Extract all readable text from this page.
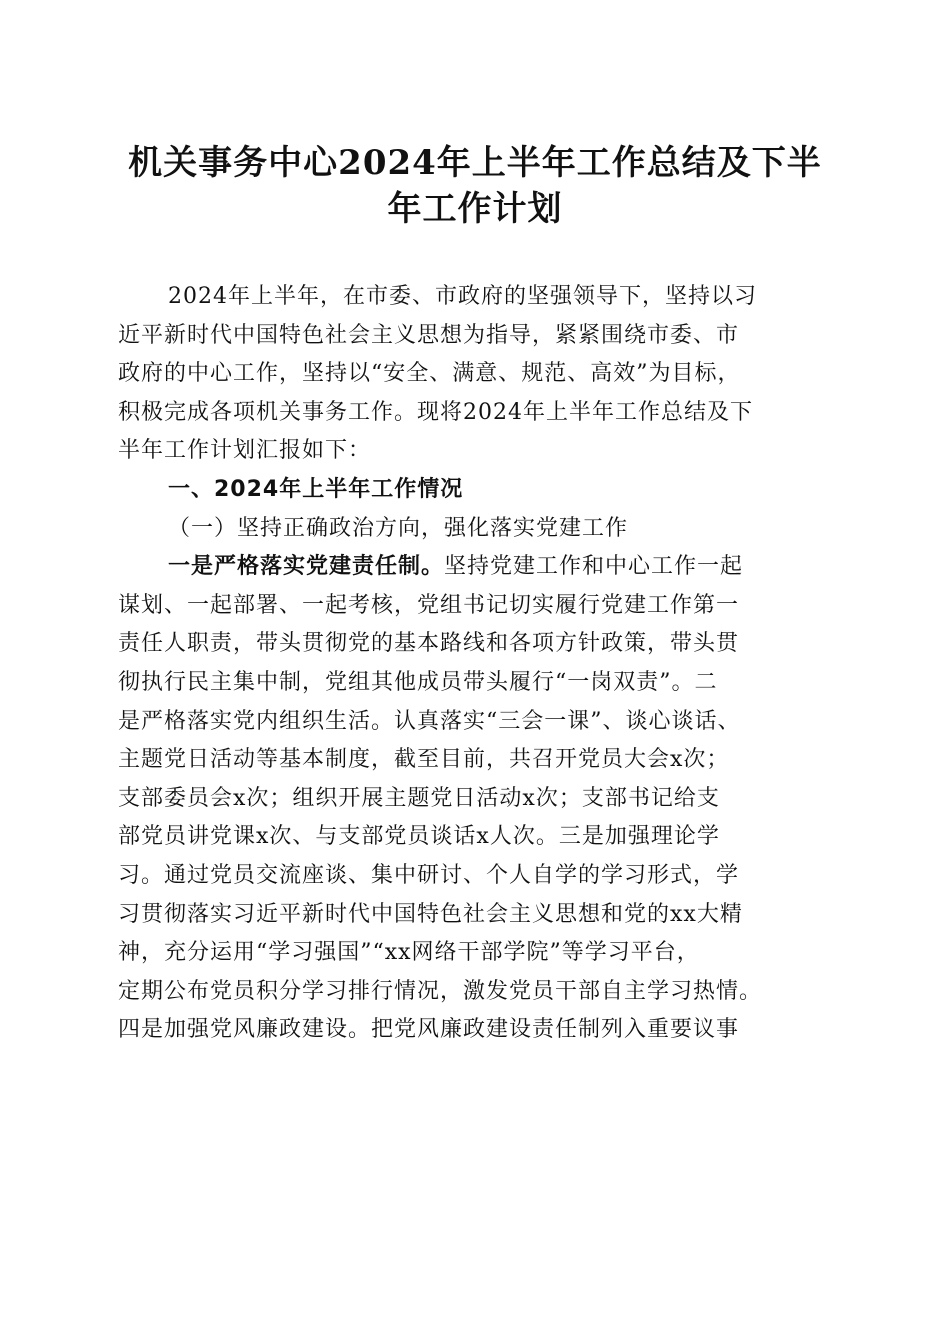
机关事务中心2024年上半年工作总结及下半
年工作计划
2024年上半年，在市委、市政府的坚强领导下，坚持以习
近平新时代中国特色社会主义思想为指导，紧紧围绕市委、市
政府的中心工作，坚持以“安全、满意、规范、高效”为目标，
积极完成各项机关事务工作。现将2024年上半年工作总结及下
半年工作计划汇报如下：
一、2024年上半年工作情况
（一）坚持正确政治方向，强化落实党建工作
一是严格落实党建责任制。坚持党建工作和中心工作一起
谋划、一起部署、一起考核，党组书记切实履行党建工作第一
责任人职责，带头贯彻党的基本路线和各项方针政策，带头贯
彻执行民主集中制，党组其他成员带头履行“一岗双责”。二
是严格落实党内组织生活。认真落实“三会一课”、谈心谈话、
主题党日活动等基本制度，截至目前，共召开党员大会x次；
支部委员会x次；组织开展主题党日活动x次；支部书记给支
部党员讲党课x次、与支部党员谈话x人次。三是加强理论学
习。通过党员交流座谈、集中研讨、个人自学的学习形式，学
习贯彻落实习近平新时代中国特色社会主义思想和党的xx大精
神，充分运用“学习强国”“xx网络干部学院”等学习平台，
定期公布党员积分学习排行情况，激发党员干部自主学习热情。
四是加强党风廉政建设。把党风廉政建设责任制列入重要议事
